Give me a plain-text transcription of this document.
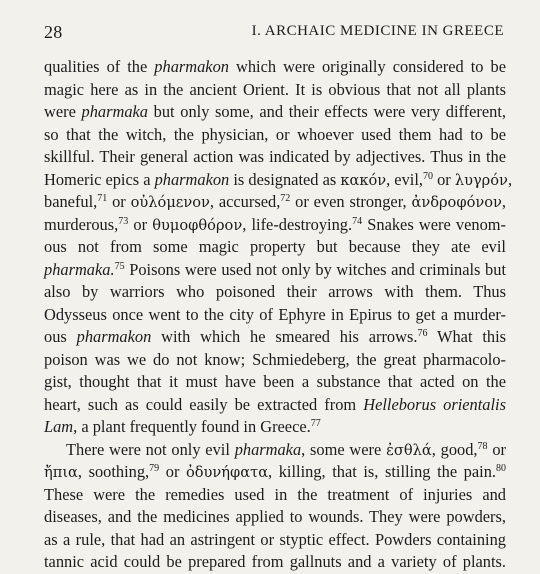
28	I. ARCHAIC MEDICINE IN GREECE
qualities of the pharmakon which were originally considered to be
magic here as in the ancient Orient. It is obvious that not all plants
were pharmaka but only some, and their effects were very different,
so that the witch, the physician, or whoever used them had to be
skillful. Their general action was indicated by adjectives. Thus in the
Homeric epics a pharmakon is designated as κακόν, evil,$^{70}$ or λυγρόν,
baneful,$^{71}$ or οὐλόμενον, accursed,$^{72}$ or even stronger, ἀνδροφόνον,
murderous,$^{73}$ or θυμοφθόρον, life-destroying.$^{74}$ Snakes were venom-
ous not from some magic property but because they ate evil
pharmaka.$^{75}$ Poisons were used not only by witches and criminals but
also by warriors who poisoned their arrows with them. Thus
Odysseus once went to the city of Ephyre in Epirus to get a murder-
ous pharmakon with which he smeared his arrows.$^{76}$ What this
poison was we do not know; Schmiedeberg, the great pharmacolo-
gist, thought that it must have been a substance that acted on the
heart, such as could easily be extracted from Helleborus orientalis
Lam, a plant frequently found in Greece.$^{77}$
There were not only evil pharmaka, some were ἐσθλά, good,$^{78}$ or
ἤπια, soothing,$^{79}$ or ὀδυνήφατα, killing, that is, stilling the pain.$^{80}$
These were the remedies used in the treatment of injuries and
diseases, and the medicines applied to wounds. They were powders,
as a rule, that had an astringent or styptic effect. Powders containing
tannic acid could be prepared from gallnuts and a variety of plants.
